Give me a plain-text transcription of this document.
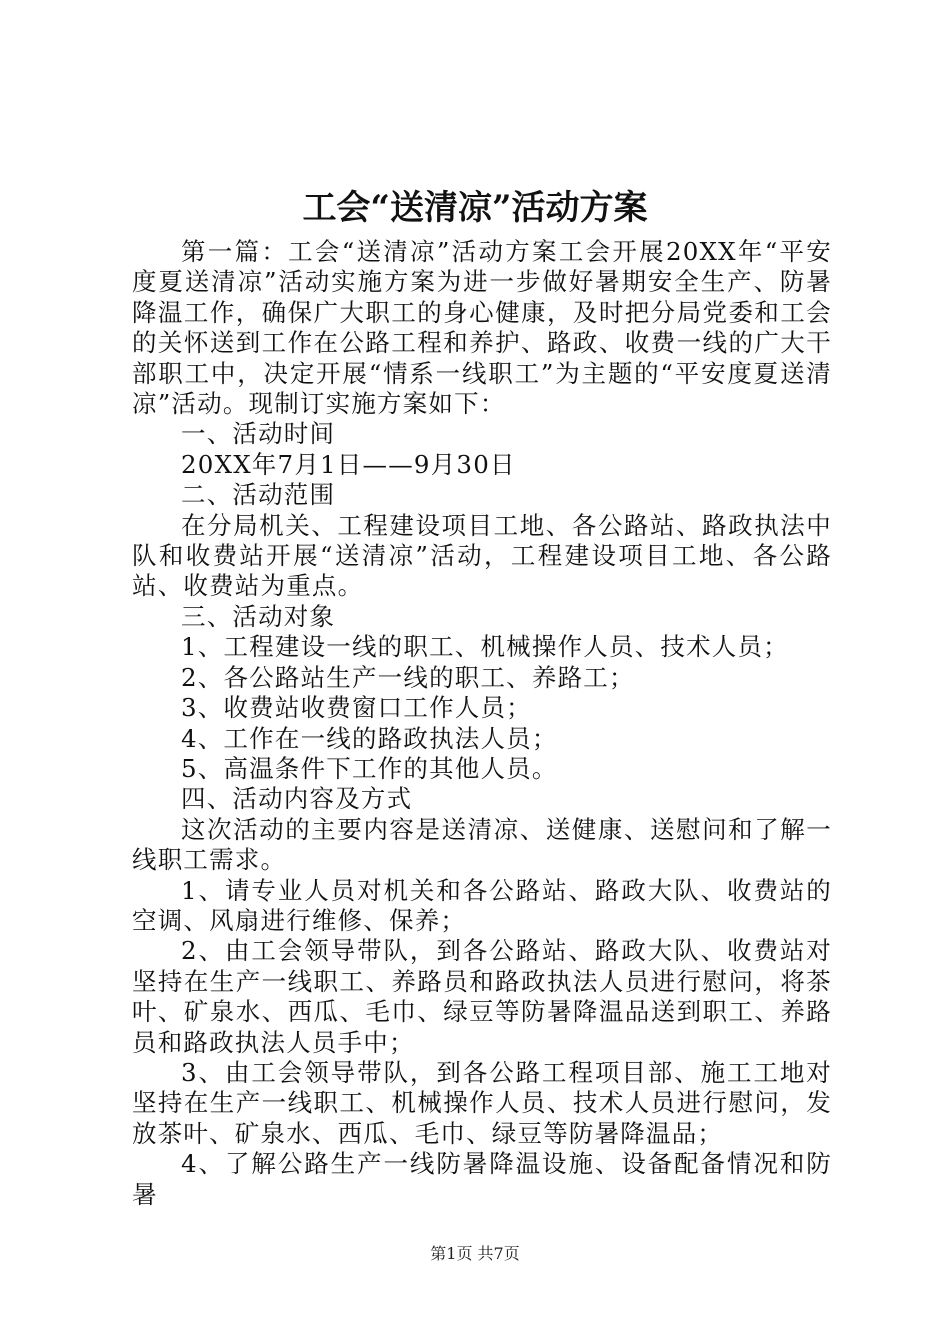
工会“送清凉”活动方案

第一篇：工会“送清凉”活动方案工会开展20XX年“平安度夏送清凉”活动实施方案为进一步做好暑期安全生产、防暑降温工作，确保广大职工的身心健康，及时把分局党委和工会的关怀送到工作在公路工程和养护、路政、收费一线的广大干部职工中，决定开展“情系一线职工”为主题的“平安度夏送清凉”活动。现制订实施方案如下：

一、活动时间

20XX年7月1日——9月30日

二、活动范围

在分局机关、工程建设项目工地、各公路站、路政执法中队和收费站开展“送清凉”活动，工程建设项目工地、各公路站、收费站为重点。

三、活动对象

1、工程建设一线的职工、机械操作人员、技术人员；

2、各公路站生产一线的职工、养路工；

3、收费站收费窗口工作人员；

4、工作在一线的路政执法人员；

5、高温条件下工作的其他人员。

四、活动内容及方式

这次活动的主要内容是送清凉、送健康、送慰问和了解一线职工需求。

1、请专业人员对机关和各公路站、路政大队、收费站的空调、风扇进行维修、保养；

2、由工会领导带队，到各公路站、路政大队、收费站对坚持在生产一线职工、养路员和路政执法人员进行慰问，将茶叶、矿泉水、西瓜、毛巾、绿豆等防暑降温品送到职工、养路员和路政执法人员手中；

3、由工会领导带队，到各公路工程项目部、施工工地对坚持在生产一线职工、机械操作人员、技术人员进行慰问，发放茶叶、矿泉水、西瓜、毛巾、绿豆等防暑降温品；

4、了解公路生产一线防暑降温设施、设备配备情况和防暑

第1页 共7页
